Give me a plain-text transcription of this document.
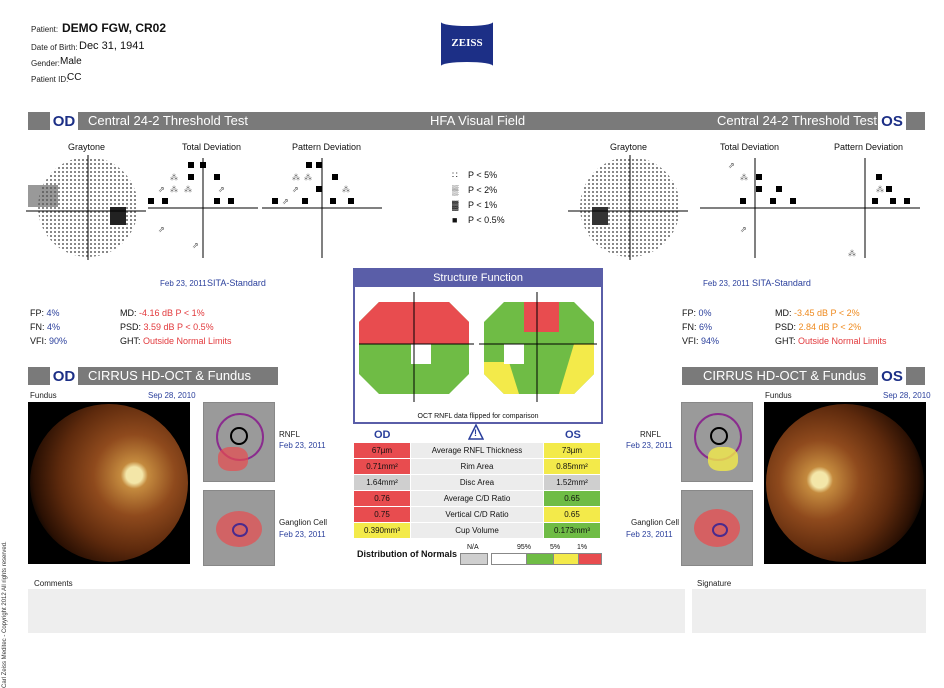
Patient: DEMO FGW, CR02
Date of Birth: Dec 31, 1941
Gender: Male
Patient ID:
CC
ZEISS
OD Central 24-2 Threshold Test	HFA Visual Field	Central 24-2 Threshold Test OS
Graytone	Total Deviation	Pattern Deviation	Graytone	Total Deviation	Pattern Deviation
⁂
⁂
⇗ ⁂	⇗
⇗
⇗
⁂ ⁂
⇗	⁂
⇗
⇗
⁂
⇗
⁂
⁂
∷ P < 5%
▒ P < 2%
▓ P < 1%
■ P < 0.5%
Feb 23, 2011 SITA-Standard
FP: 4%
FN: 4%
VFI: 90%
MD: -4.16 dB P < 1%
PSD: 3.59 dB P < 0.5%
GHT: Outside Normal Limits
Feb 23, 2011 SITA-Standard
FP: 0%
FN: 6%
VFI: 94%
MD: -3.45 dB P < 2%
PSD: 2.84 dB P < 2%
GHT: Outside Normal Limits
Structure Function
OCT RNFL data flipped for comparison
OD CIRRUS HD-OCT & Fundus	CIRRUS HD-OCT & Fundus OS
Fundus	Sep 28, 2010
RNFL
Feb 23, 2011
Ganglion Cell
Feb 23, 2011
Fundus	Sep 28, 2010
RNFL
Feb 23, 2011
Ganglion Cell
Feb 23, 2011
OD	!	OS
67µm	Average RNFL Thickness	73µm
0.71mm²	Rim Area	0.85mm²
1.64mm²	Disc Area	1.52mm²
0.76	Average C/D Ratio	0.65
0.75	Vertical C/D Ratio	0.65
0.390mm³	Cup Volume	0.173mm³
Distribution of Normals
N/A	95%	5% 1%
Comments	Signature
Carl Zeiss Meditec - Copyright 2012 All rights reserved.
